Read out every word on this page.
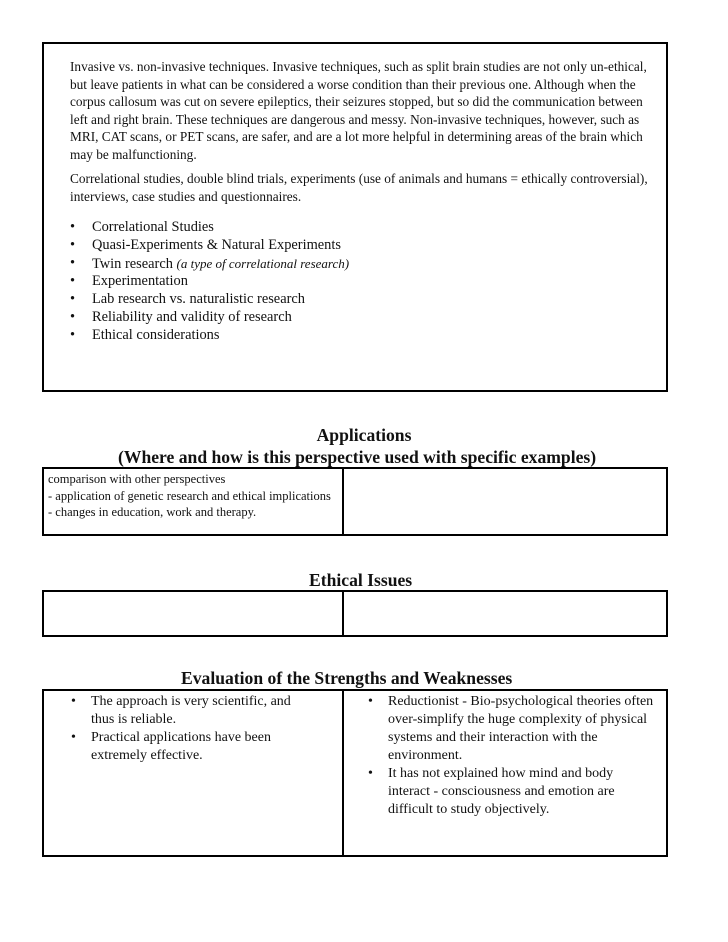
Invasive vs. non-invasive techniques. Invasive techniques, such as split brain studies are not only un-ethical, but leave patients in what can be considered a worse condition than their previous one. Although when the corpus callosum was cut on severe epileptics, their seizures stopped, but so did the communication between left and right brain. These techniques are dangerous and messy. Non-invasive techniques, however, such as MRI, CAT scans, or PET scans, are safer, and are a lot more helpful in determining areas of the brain which may be malfunctioning.

Correlational studies, double blind trials, experiments (use of animals and humans = ethically controversial), interviews, case studies and questionnaires.

• Correlational Studies
• Quasi-Experiments & Natural Experiments
• Twin research (a type of correlational research)
• Experimentation
• Lab research vs. naturalistic research
• Reliability and validity of research
• Ethical considerations
Applications
(Where and how is this perspective used with specific examples)
comparison with other perspectives
- application of genetic research and ethical implications
- changes in education, work and therapy.
Ethical Issues
Evaluation of the Strengths and Weaknesses
• The approach is very scientific, and thus is reliable.
• Practical applications have been extremely effective.
• Reductionist - Bio-psychological theories often over-simplify the huge complexity of physical systems and their interaction with the environment.
• It has not explained how mind and body interact - consciousness and emotion are difficult to study objectively.
